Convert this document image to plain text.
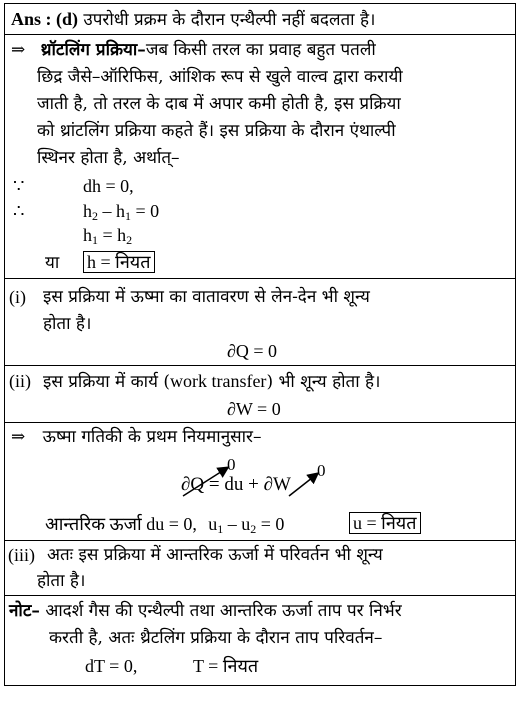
Ans : (d) उपरोधी प्रक्रम के दौरान एन्थैल्पी नहीं बदलता है।
⇒ थ्रॉटलिंग प्रक्रिया–जब किसी तरल का प्रवाह बहुत पतली
छिद्र जैसे–ऑरिफिस, आंशिक रूप से खुले वाल्व द्वारा करायी
जाती है, तो तरल के दाब में अपार कमी होती है, इस प्रक्रिया
को थ्रांटलिंग प्रक्रिया कहते हैं। इस प्रक्रिया के दौरान एंथाल्पी
स्थिनर होता है, अर्थात्–
∵	dh = 0,
∴	$h_2 - h_1 = 0$
$h_1 = h_2$
या h = नियत
(i) इस प्रक्रिया में ऊष्मा का वातावरण से लेन-देन भी शून्य
होता है।
∂Q = 0
(ii) इस प्रक्रिया में कार्य (work transfer) भी शून्य होता है।
∂W = 0
⇒ ऊष्मा गतिकी के प्रथम नियमानुसार–
∂Q = du + ∂W
0	0
आन्तरिक ऊर्जा du = 0, $u_1 - u_2 = 0$	u = नियत
(iii) अतः इस प्रक्रिया में आन्तरिक ऊर्जा में परिवर्तन भी शून्य
होता है।
नोट– आदर्श गैस की एन्थैल्पी तथा आन्तरिक ऊर्जा ताप पर निर्भर
करती है, अतः थ्रैटलिंग प्रक्रिया के दौरान ताप परिवर्तन–
dT = 0,	T = नियत
